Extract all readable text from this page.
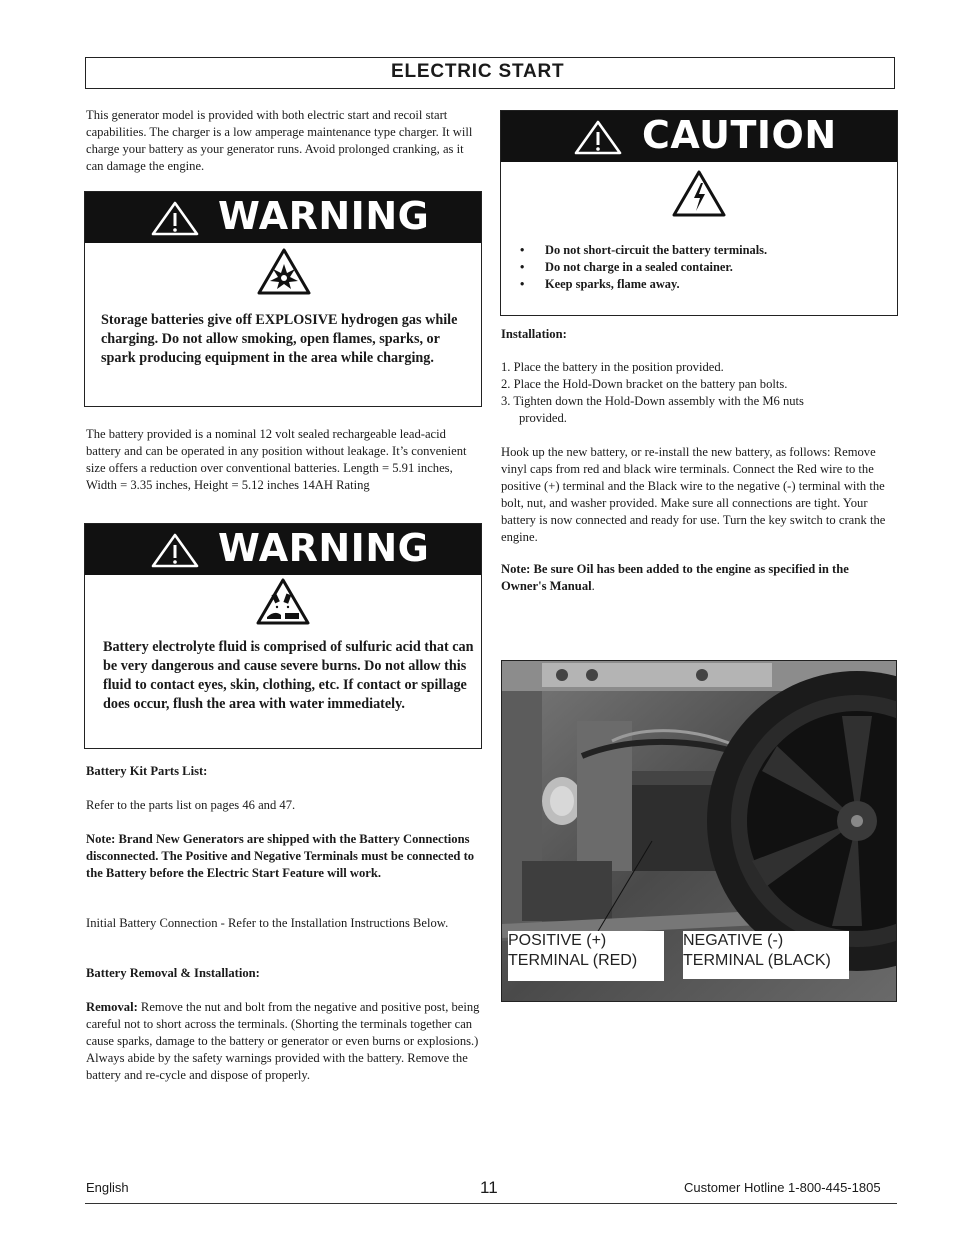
ELECTRIC START
This generator model is provided with both electric start and recoil start capabilities. The charger is a low amperage maintenance type charger. It will charge your battery as your generator runs. Avoid prolonged cranking, as it can damage the engine.
WARNING
Storage batteries give off EXPLOSIVE hydrogen gas while charging. Do not allow smoking, open flames, sparks, or spark producing equipment in the area while charging.
The battery provided is a nominal 12 volt sealed rechargeable lead-acid battery and can be operated in any position without leakage. It’s convenient size offers a reduction over conventional batteries. Length = 5.91 inches, Width = 3.35 inches, Height = 5.12 inches 14AH Rating
WARNING
Battery electrolyte fluid is comprised of sulfuric acid that can be very dangerous and cause severe burns. Do not allow this fluid to contact eyes, skin, clothing, etc. If contact or spillage does occur, flush the area with water immediately.
Battery Kit Parts List:
Refer to the parts list on pages 46 and 47.
Note: Brand New Generators are shipped with the Battery Connections disconnected. The Positive and Negative Terminals must be connected to the Battery before the Electric Start Feature will work.
Initial Battery Connection - Refer to the Installation Instructions Below.
Battery Removal & Installation:
Removal: Remove the nut and bolt from the negative and positive post, being careful not to short across the terminals. (Shorting the terminals together can cause sparks, damage to the battery or generator or even burns or explosions.) Always abide by the safety warnings provided with the battery. Remove the battery and re-cycle and dispose of properly.
CAUTION
• Do not short-circuit the battery terminals.
• Do not charge in a sealed container.
• Keep sparks, flame away.
Installation:
1. Place the battery in the position provided.
2. Place the Hold-Down bracket on the battery pan bolts.
3. Tighten down the Hold-Down assembly with the M6 nuts
provided.
Hook up the new battery, or re-install the new battery, as follows: Remove vinyl caps from red and black wire terminals. Connect the Red wire to the positive (+) terminal and the Black wire to the negative (-) terminal with the bolt, nut, and washer provided. Make sure all connections are tight. Your battery is now connected and ready for use. Turn the key switch to crank the engine.
Note: Be sure Oil has been added to the engine as specified in the Owner's Manual.
POSITIVE (+)
TERMINAL (RED)
NEGATIVE (-)
TERMINAL (BLACK)
English	11	Customer Hotline 1-800-445-1805
